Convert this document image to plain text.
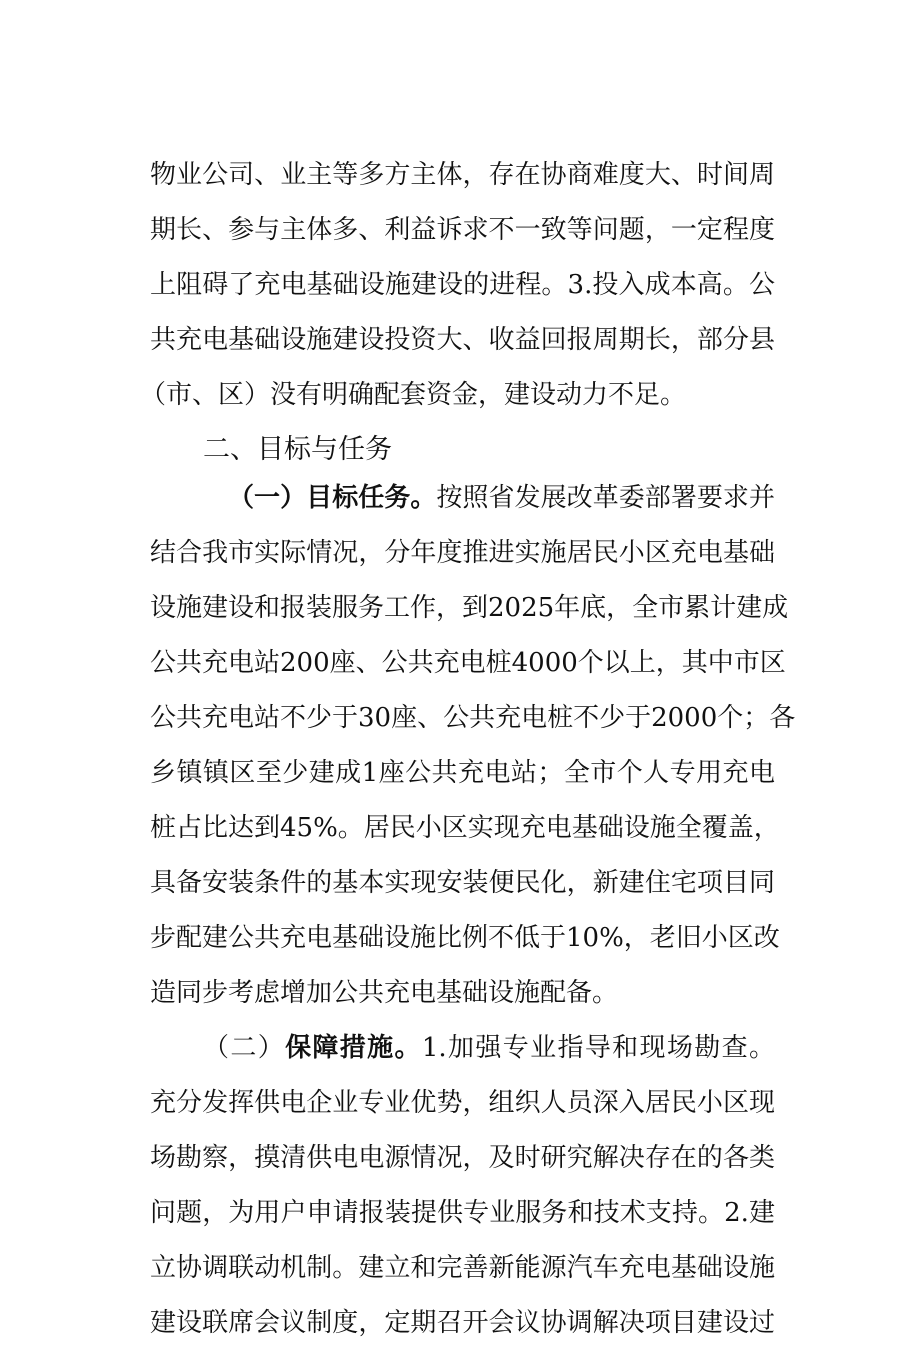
物业公司、业主等多方主体，存在协商难度大、时间周
期长、参与主体多、利益诉求不一致等问题，一定程度
上阻碍了充电基础设施建设的进程。3.投入成本高。公
共充电基础设施建设投资大、收益回报周期长，部分县
（市、区）没有明确配套资金，建设动力不足。
二、目标与任务
（一）目标任务。按照省发展改革委部署要求并
结合我市实际情况，分年度推进实施居民小区充电基础
设施建设和报装服务工作，到2025年底，全市累计建成
公共充电站200座、公共充电桩4000个以上，其中市区
公共充电站不少于30座、公共充电桩不少于2000个；各
乡镇镇区至少建成1座公共充电站；全市个人专用充电
桩占比达到45%。居民小区实现充电基础设施全覆盖，
具备安装条件的基本实现安装便民化，新建住宅项目同
步配建公共充电基础设施比例不低于10%，老旧小区改
造同步考虑增加公共充电基础设施配备。
（二）保障措施。1.加强专业指导和现场勘查。
充分发挥供电企业专业优势，组织人员深入居民小区现
场勘察，摸清供电电源情况，及时研究解决存在的各类
问题，为用户申请报装提供专业服务和技术支持。2.建
立协调联动机制。建立和完善新能源汽车充电基础设施
建设联席会议制度，定期召开会议协调解决项目建设过
